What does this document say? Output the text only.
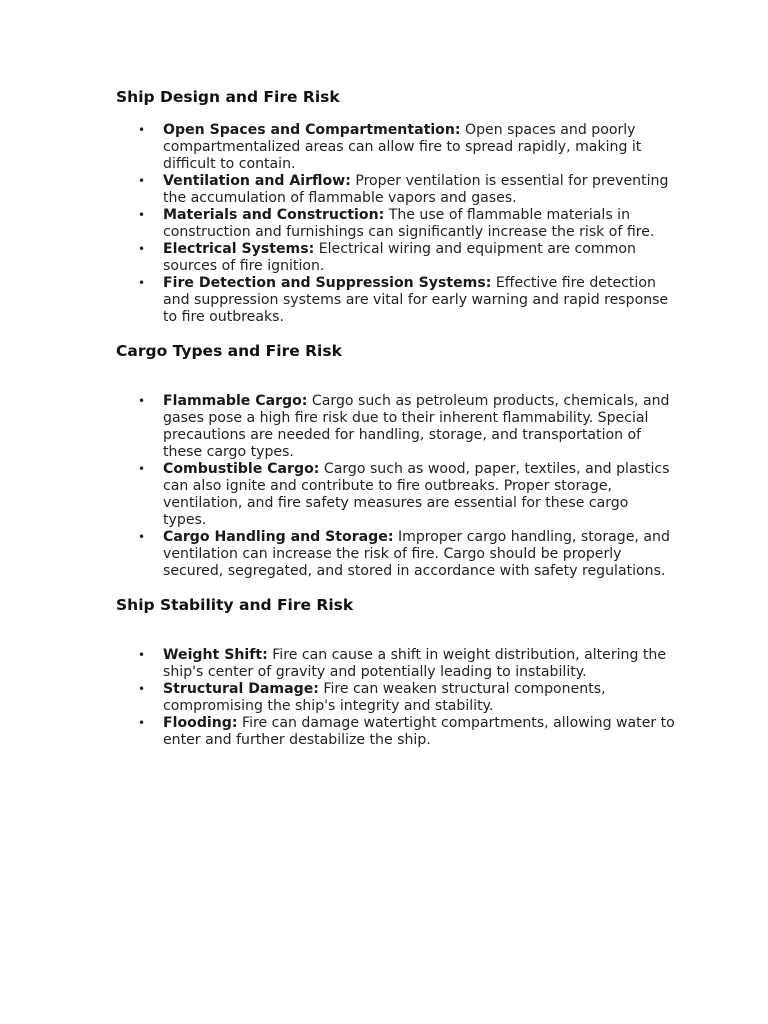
Ship Design and Fire Risk
• Open Spaces and Compartmentation: Open spaces and poorly compartmentalized areas can allow fire to spread rapidly, making it difficult to contain.
• Ventilation and Airflow: Proper ventilation is essential for preventing the accumulation of flammable vapors and gases.
• Materials and Construction: The use of flammable materials in construction and furnishings can significantly increase the risk of fire.
• Electrical Systems: Electrical wiring and equipment are common sources of fire ignition.
• Fire Detection and Suppression Systems: Effective fire detection and suppression systems are vital for early warning and rapid response to fire outbreaks.
Cargo Types and Fire Risk
• Flammable Cargo: Cargo such as petroleum products, chemicals, and gases pose a high fire risk due to their inherent flammability. Special precautions are needed for handling, storage, and transportation of these cargo types.
• Combustible Cargo: Cargo such as wood, paper, textiles, and plastics can also ignite and contribute to fire outbreaks. Proper storage, ventilation, and fire safety measures are essential for these cargo types.
• Cargo Handling and Storage: Improper cargo handling, storage, and ventilation can increase the risk of fire. Cargo should be properly secured, segregated, and stored in accordance with safety regulations.
Ship Stability and Fire Risk
• Weight Shift: Fire can cause a shift in weight distribution, altering the ship's center of gravity and potentially leading to instability.
• Structural Damage: Fire can weaken structural components, compromising the ship's integrity and stability.
• Flooding: Fire can damage watertight compartments, allowing water to enter and further destabilize the ship.
